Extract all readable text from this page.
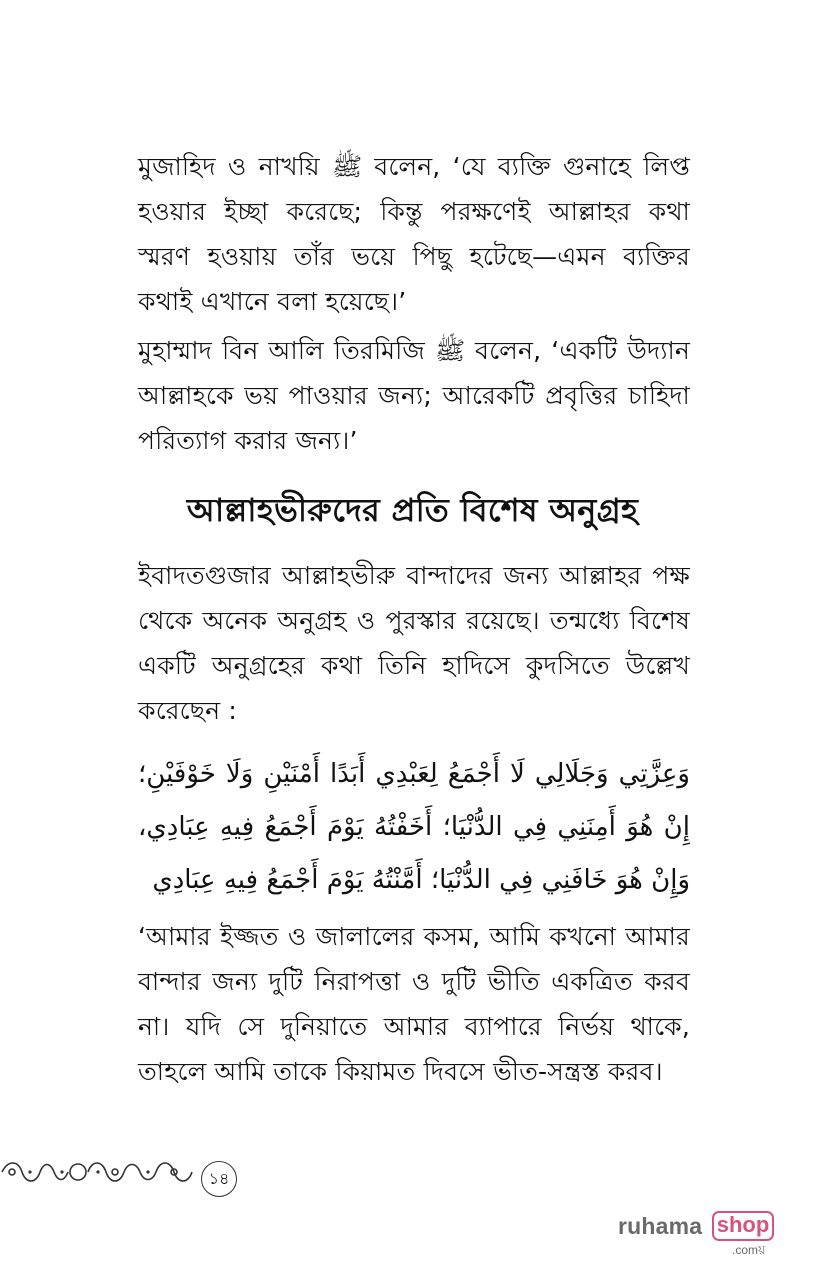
মুজাহিদ ও নাখয়ি ﷺ বলেন, ‘যে ব্যক্তি গুনাহে লিপ্ত হওয়ার ইচ্ছা করেছে; কিন্তু পরক্ষণেই আল্লাহর কথা স্মরণ হওয়ায় তাঁর ভয়ে পিছু হটেছে—এমন ব্যক্তির কথাই এখানে বলা হয়েছে।’

মুহাম্মাদ বিন আলি তিরমিজি ﷺ বলেন, ‘একটি উদ্যান আল্লাহকে ভয় পাওয়ার জন্য; আরেকটি প্রবৃত্তির চাহিদা পরিত্যাগ করার জন্য।’

আল্লাহভীরুদের প্রতি বিশেষ অনুগ্রহ

ইবাদতগুজার আল্লাহভীরু বান্দাদের জন্য আল্লাহর পক্ষ থেকে অনেক অনুগ্রহ ও পুরস্কার রয়েছে। তন্মধ্যে বিশেষ একটি অনুগ্রহের কথা তিনি হাদিসে কুদসিতে উল্লেখ করেছেন :

وَعِزَّتِي وَجَلَالِي لَا أَجْمَعُ لِعَبْدِي أَبَدًا أَمْنَيْنِ وَلَا خَوْفَيْنِ؛ إِنْ هُوَ أَمِنَنِي فِي الدُّنْيَا؛ أَخَفْتُهُ يَوْمَ أَجْمَعُ فِيهِ عِبَادِي، وَإِنْ هُوَ خَافَنِي فِي الدُّنْيَا؛ أَمَّنْتُهُ يَوْمَ أَجْمَعُ فِيهِ عِبَادِي

‘আমার ইজ্জত ও জালালের কসম, আমি কখনো আমার বান্দার জন্য দুটি নিরাপত্তা ও দুটি ভীতি একত্রিত করব না। যদি সে দুনিয়াতে আমার ব্যাপারে নির্ভয় থাকে, তাহলে আমি তাকে কিয়ামত দিবসে ভীত-সন্ত্রস্ত করব।

১৪
ruhama shop
.comয়
